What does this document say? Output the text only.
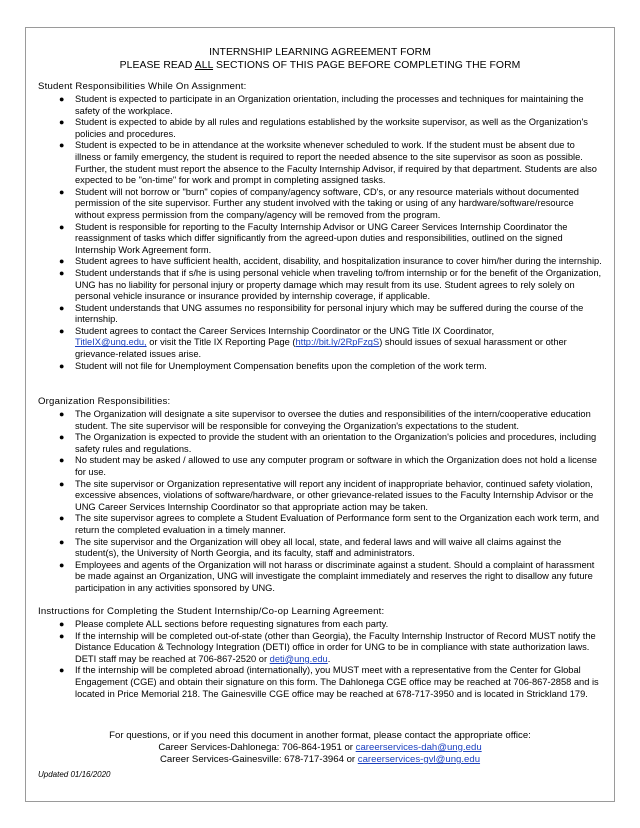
INTERNSHIP LEARNING AGREEMENT FORM
PLEASE READ ALL SECTIONS OF THIS PAGE BEFORE COMPLETING THE FORM
Student Responsibilities While On Assignment:
● Student is expected to participate in an Organization orientation, including the processes and techniques for maintaining the safety of the workplace.
● Student is expected to abide by all rules and regulations established by the worksite supervisor, as well as the Organization's policies and procedures.
● Student is expected to be in attendance at the worksite whenever scheduled to work. If the student must be absent due to illness or family emergency, the student is required to report the needed absence to the site supervisor as soon as possible. Further, the student must report the absence to the Faculty Internship Advisor, if required by that department. Students are also expected to be "on-time" for work and prompt in completing assigned tasks.
● Student will not borrow or "burn" copies of company/agency software, CD's, or any resource materials without documented permission of the site supervisor. Further any student involved with the taking or using of any hardware/software/resource without express permission from the company/agency will be removed from the program.
● Student is responsible for reporting to the Faculty Internship Advisor or UNG Career Services Internship Coordinator the reassignment of tasks which differ significantly from the agreed-upon duties and responsibilities, outlined on the signed Internship Work Agreement form.
● Student agrees to have sufficient health, accident, disability, and hospitalization insurance to cover him/her during the internship.
● Student understands that if s/he is using personal vehicle when traveling to/from internship or for the benefit of the Organization, UNG has no liability for personal injury or property damage which may result from its use. Student agrees to rely solely on personal vehicle insurance or insurance provided by internship coverage, if applicable.
● Student understands that UNG assumes no responsibility for personal injury which may be suffered during the course of the internship.
● Student agrees to contact the Career Services Internship Coordinator or the UNG Title IX Coordinator,
TitleIX@ung.edu, or visit the Title IX Reporting Page (http://bit.ly/2RpFzgS) should issues of sexual harassment or other grievance-related issues arise.
● Student will not file for Unemployment Compensation benefits upon the completion of the work term.
Organization Responsibilities:
● The Organization will designate a site supervisor to oversee the duties and responsibilities of the intern/cooperative education student. The site supervisor will be responsible for conveying the Organization's expectations to the student.
● The Organization is expected to provide the student with an orientation to the Organization's policies and procedures, including safety rules and regulations.
● No student may be asked / allowed to use any computer program or software in which the Organization does not hold a license for use.
● The site supervisor or Organization representative will report any incident of inappropriate behavior, continued safety violation, excessive absences, violations of software/hardware, or other grievance-related issues to the Faculty Internship Advisor or the UNG Career Services Internship Coordinator so that appropriate action may be taken.
● The site supervisor agrees to complete a Student Evaluation of Performance form sent to the Organization each work term, and return the completed evaluation in a timely manner.
● The site supervisor and the Organization will obey all local, state, and federal laws and will waive all claims against the student(s), the University of North Georgia, and its faculty, staff and administrators.
● Employees and agents of the Organization will not harass or discriminate against a student. Should a complaint of harassment be made against an Organization, UNG will investigate the complaint immediately and reserves the right to disallow any future participation in any activities sponsored by UNG.
Instructions for Completing the Student Internship/Co-op Learning Agreement:
● Please complete ALL sections before requesting signatures from each party.
● If the internship will be completed out-of-state (other than Georgia), the Faculty Internship Instructor of Record MUST notify the Distance Education & Technology Integration (DETI) office in order for UNG to be in compliance with state authorization laws. DETI staff may be reached at 706-867-2520 or deti@ung.edu.
● If the internship will be completed abroad (internationally), you MUST meet with a representative from the Center for Global Engagement (CGE) and obtain their signature on this form. The Dahlonega CGE office may be reached at 706-867-2858 and is located in Price Memorial 218. The Gainesville CGE office may be reached at 678-717-3950 and is located in Strickland 179.
For questions, or if you need this document in another format, please contact the appropriate office:
Career Services-Dahlonega: 706-864-1951 or careerservices-dah@ung.edu
Career Services-Gainesville: 678-717-3964 or careerservices-gvl@ung.edu
Updated 01/16/2020
